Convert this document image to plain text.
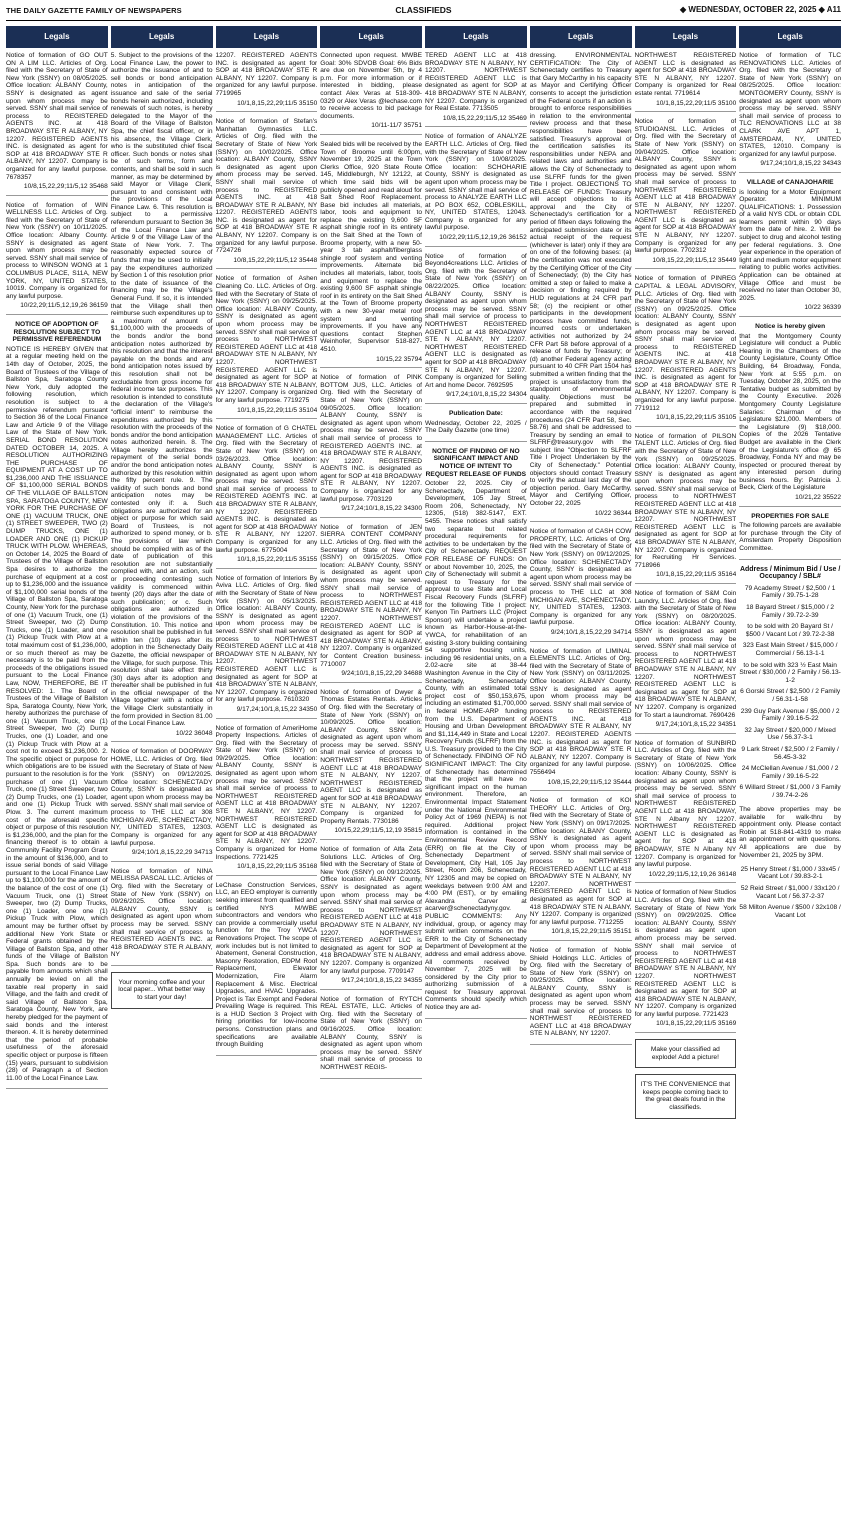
THE DAILY GAZETTE FAMILY OF NEWSPAPERS	CLASSIFIEDS	◆ WEDNESDAY, OCTOBER 22, 2025 ◆ A11
Legals

Notice of formation of GO OUT ON A LIM LLC. Articles of Org. filed with the Secretary of State of New York (SSNY) on 08/05/2025. Office location: ALBANY County, SSNY is designated as agent upon whom process may be served. SSNY shall mail service of process to REGISTERED AGENTS INC. at 418 BROADWAY STE R ALBANY, NY 12207. REGISTERED AGENTS INC. is designated as agent for SOP at 418 BROADWAY STE R ALBANY, NY 12207. Company is organized for any lawful purpose. 7678357

10/8,15,22,29;11/5,12 35468

Notice of formation of WIN WELLNESS LLC. Articles of Org. filed with the Secretary of State of New York (SSNY) on 10/11/2025. Office location: Albany County. SSNY is designated as agent upon whom process may be served. SSNY shall mail service of process to WINSON WONG at 1 COLUMBUS PLACE, S11A, NEW YORK, NY, UNITED STATES, 10019. Company is organized for any lawful purpose.

10/22,29;11/5,12,19,26 36159
NOTICE OF ADOPTION OF RESOLUTION SUBJECT TO PERMISSIVE REFERENDUM

NOTICE IS HEREBY GIVEN that at a regular meeting held on the 14th day of October, 2025, the Board of Trustees of the Village of Ballston Spa, Saratoga County New York, duly adopted the following resolution, which resolution is subject to a permissive referendum pursuant to Section 36 of the Local Finance Law and Article 9 of the Village Law of the State of New York. SERIAL BOND RESOLUTION DATED OCTOBER 14, 2025. A RESOLUTION AUTHORIZING THE PURCHASE OF EQUIPMENT AT A COST UP TO $1,236,000 AND THE ISSUANCE OF $1,100,000 SERIAL BONDS OF THE VILLAGE OF BALLSTON SPA, SARATOGA COUNTY, NEW YORK FOR THE PURCHASE OF ONE (1) VACUUM TRUCK, ONE (1) STREET SWEEPER, TWO (2) DUMP TRUCKS, ONE (1) LOADER AND ONE (1) PICKUP TRUCK WITH PLOW. WHEREAS, on October 14, 2025 the Board of Trustees of the Village of Ballston Spa desires to authorize the purchase of equipment at a cost up to $1,236,000 and the issuance of $1,100,000 serial bonds of the Village of Ballston Spa, Saratoga County, New York for the purchase of one (1) Vacuum Truck, one (1) Street Sweeper, two (2) Dump Trucks, one (1) Loader, and one (1) Pickup Truck with Plow at a total maximum cost of $1,236,000, or so much thereof as may be necessary is to be paid from the proceeds of the obligations issued pursuant to the Local Finance Law, NOW, THEREFORE, BE IT RESOLVED: 1. The Board of Trustees of the Village of Ballston Spa, Saratoga County, New York, hereby authorizes the purchase of one (1) Vacuum Truck, one (1) Street Sweeper, two (2) Dump Trucks, one (1) Loader, and one (1) Pickup Truck with Plow at a cost not to exceed $1,236,000. 2. The specific object or purpose for which obligations are to be issued pursuant to the resolution is for the purchase of one (1) Vacuum Truck, one (1) Street Sweeper, two (2) Dump Trucks, one (1) Loader, and one (1) Pickup Truck with Plow. 3. The current maximum cost of the aforesaid specific object or purpose of this resolution is $1,236,000, and the plan for the financing thereof is to obtain a Community Facility Program Grant in the amount of $136,000, and to issue serial bonds of said Village pursuant to the Local Finance Law up to $1,100,000 for the amount of the balance of the cost of one (1) Vacuum Truck, one (1) Street Sweeper, two (2) Dump Trucks, one (1) Loader, one one (1) Pickup Truck with Plow, which amount may be further offset by additional New York State or Federal grants obtained by the Village of Ballston Spa, and other funds of the Village of Ballston Spa. Such bonds are to be payable from amounts which shall annually be levied on all the taxable real property in said Village, and the faith and credit of said Village of Ballston Spa, Saratoga County, New York, are hereby pledged for the payment of said bonds and the interest thereon. 4. It is hereby determined that the period of probable usefulness of the aforesaid specific object or purpose is fifteen (15) years, pursuant to subdivision (28) of Paragraph a of Section 11.00 of the Local Finance Law.

Legals

5. Subject to the provisions of the Local Finance Law, the power to authorize the issuance of and to sell bonds or bond anticipation notes in anticipation of the issuance and sale of the serial bonds herein authorized, including renewals of such notes, is hereby delegated to the Mayor of the Board of the Village of Ballston Spa, the chief fiscal officer, or in his absence, the Village Clerk, who is the substituted chief fiscal officer. Such bonds or notes shall be of such terms, form and contents, and shall be sold in such manner, as may be determined by said Mayor or Village Clerk, pursuant to and consistent with the provisions of the Local Finance Law. 6. This resolution is subject to a permissive referendum pursuant to Section 36 of the Local Finance Law and Article 9 of the Village Law of the State of New York. 7. The reasonably expected source of funds that may be used to initially pay the expenditures authorized by Section 1 of this resolution prior to the date of issuance of the financing may be the Village's General Fund. If so, it is intended that the Village shall then reimburse such expenditures up to a maximum of amount of $1,100,000 with the proceeds of the bonds and/or the bond anticipation notes authorized by this resolution and that the interest payable on the bonds and any bond anticipation notes issued by this resolution shall not be excludable from gross income for federal income tax purposes. This resolution is intended to constitute the declaration of the Village's "official intent" to reimburse the expenditures authorized by this resolution with the proceeds of the bonds and/or the bond anticipation notes authorized herein. 8. The Village hereby authorizes the repayment of the serial bonds and/or the bond anticipation notes authorized by this resolution within the fifty percent rule. 9. The validity of such bonds and bond anticipation notes may be contested only if: a. Such obligations are authorized for an object or purpose for which said Board of Trustees, is not authorized to spend money, or b. The provisions of law which should be complied with as of the date of publication of this resolution are not substantially complied with, and an action, suit or proceeding contesting such validity is commenced within twenty (20) days after the date of such publication; or c. Such obligations are authorized in violation of the provisions of the Constitution. 10. This notice and resolution shall be published in full within ten (10) days after its adoption in the Schenectady Daily Gazette, the official newspaper of the Village, for such purpose. This resolution shall take effect thirty (30) days after its adoption and thereafter shall be published in full in the official newspaper of the Village together with a notice of the Village Clerk substantially in the form provided in Section 81.00 of the Local Finance Law.

10/22 36048

Notice of formation of DOORWAY HOME, LLC. Articles of Org. filed with the Secretary of State of New York (SSNY) on 09/12/2025. Office location: SCHENECTADY County, SSNY is designated as agent upon whom process may be served. SSNY shall mail service of process to THE LLC at 308 MICHIGAN AVE, SCHENECTADY, NY, UNITED STATES, 12303. Company is organized for any lawful purpose.

9/24;10/1,8,15,22,29 34713

Notice of formation of NINA MELISSA PASCAL LLC. Articles of Org. filed with the Secretary of State of New York (SSNY) on 09/26/2025. Office location: ALBANY County, SSNY is designated as agent upon whom process may be served. SSNY shall mail service of process to REGISTERED AGENTS INC. at 418 BROADWAY STE R ALBANY, NY

Your morning coffee and your local paper... What better way to start your day!
Legals

12207. REGISTERED AGENTS INC. is designated as agent for SOP at 418 BROADWAY STE R ALBANY, NY 12207. Company is organized for any lawful purpose. 7719965

10/1,8,15,22,29;11/5 35150

Notice of formation of Stefan's Manhattan Gymnastics LLC. Articles of Org. filed with the Secretary of State of New York (SSNY) on 10/02/2025. Office location: ALBANY County, SSNY is designated as agent upon whom process may be served. SSNY shall mail service of process to REGISTERED AGENTS INC. at 418 BROADWAY STE R ALBANY, NY 12207. REGISTERED AGENTS INC. is designated as agent for SOP at 418 BROADWAY STE R ALBANY, NY 12207. Company is organized for any lawful purpose. 7724726

10/8,15,22,29;11/5,12 35448

Notice of formation of Ashen Cleaning Co. LLC. Articles of Org. filed with the Secretary of State of New York (SSNY) on 09/25/2025. Office location: ALBANY County, SSNY is designated as agent upon whom process may be served. SSNY shall mail service of process to NORTHWEST REGISTERED AGENT LLC at 418 BROADWAY STE N ALBANY, NY 12207. NORTHWEST REGISTERED AGENT LLC is designated as agent for SOP at 418 BROADWAY STE N ALBANY, NY 12207. Company is organized for any lawful purpose. 7719275

10/1,8,15,22,29;11/5 35104

Notice of formation of G CHATEL MANAGEMENT LLC. Articles of Org. filed with the Secretary of State of New York (SSNY) on 03/26/2023. Office location: ALBANY County, SSNY is designated as agent upon whom process may be served. SSNY shall mail service of process to REGISTERED AGENTS INC. at 418 BROADWAY STE R ALBANY, NY 12207. REGISTERED AGENTS INC. is designated as agent for SOP at 418 BROADWAY STE R ALBANY, NY 12207. Company is organized for any lawful purpose. 6775004

10/1,8,15,22,29;11/5 35155

Notice of formation of Interiors By Aviva LLC. Articles of Org. filed with the Secretary of State of New York (SSNY) on 05/13/2025. Office location: ALBANY County, SSNY is designated as agent upon whom process may be served. SSNY shall mail service of process to NORTHWEST REGISTERED AGENT LLC at 418 BROADWAY STE N ALBANY, NY 12207. NORTHWEST REGISTERED AGENT LLC is designated as agent for SOP at 418 BROADWAY STE N ALBANY, NY 12207. Company is organized for any lawful purpose. 7610320

9/17,24;10/1,8,15,22 34350

Notice of formation of AmeriHome Property Inspections. Articles of Org. filed with the Secretary of State of New York (SSNY) on 09/29/2025. Office location: ALBANY County, SSNY is designated as agent upon whom process may be served. SSNY shall mail service of process to NORTHWEST REGISTERED AGENT LLC at 418 BROADWAY STE N ALBANY, NY 12207. NORTHWEST REGISTERED AGENT LLC is designated as agent for SOP at 418 BROADWAY STE N ALBANY, NY 12207. Company is organized for Home Inspections. 7721425

10/1,8,15,22,29;11/5 35168

LeChase Construction Services, LLC, an EEO employer is currently seeking interest from qualified and certified NYS M/WBE subcontractors and vendors who can provide a commercially useful function for the Troy YWCA Renovations Project. The scope of work includes but is not limited to Abatement, General Construction, Masonry Restoration, EDPM Roof Replacement, Elevator Modernization, Fire Alarm Replacement & Misc. Electrical Upgrades, and HVAC Upgrades. Project is Tax Exempt and Federal Prevailing Wage is required. This is a HUD Section 3 Project with hiring priorities for low-income persons. Construction plans and specifications are available through Building

Legals

Connected upon request. MWBE Goal: 30% SDVOB Goal: 6% Bids are due on November 5th, by 4 p.m. For more information or if interested in bidding, please contact Alex Veras at 518-309-0329 or Alex Veras @lechase.com to receive access to bid package documents.

10/11-11/7 35751

Sealed bids will be received by the Town of Broome until 6:00pm, November 19, 2025 at the Town Clerks Office, 920 State Route 145, Middleburgh, NY 12122, at which time said bids will be publicly opened and read aloud for Salt Shed Roof Replacement. Base bid includes all materials, labor, tools and equipment to replace the existing 9,600 SF asphalt shingle roof in its entirety on the Salt Shed at the Town of Broome property, with a new 50-year 3 tab asphalt/fiberglass shingle roof system and venting improvements. Alternate bid includes all materials, labor, tools and equipment to replace the existing 9,600 SF asphalt shingle roof in its entirety on the Salt Shed at the Town of Broome property with a new 30-year metal roof system and venting improvements. If you have any questions contact Stephen Weinhofer, Supervisor 518-827-4510.

10/15,22 35794

Notice of formation of PINK BOTTOM JUS, LLC. Articles of Org. filed with the Secretary of State of New York (SSNY) on 09/05/2025. Office location: ALBANY County, SSNY is designated as agent upon whom process may be served. SSNY shall mail service of process to REGISTERED AGENTS INC. at 418 BROADWAY STE R ALBANY, NY 12207. REGISTERED AGENTS INC. is designated as agent for SOP at 418 BROADWAY STE R ALBANY, NY 12207. Company is organized for any lawful purpose. 7703129

9/17,24;10/1,8,15,22 34300

Notice of formation of JEN SIERRA CONTENT COMPANY LLC. Articles of Org. filed with the Secretary of State of New York (SSNY) on 09/15/2025. Office location: ALBANY County, SSNY is designated as agent upon whom process may be served. SSNY shall mail service of process to NORTHWEST REGISTERED AGENT LLC at 418 BROADWAY STE N ALBANY, NY 12207. NORTHWEST REGISTERED AGENT LLC is designated as agent for SOP at 418 BROADWAY STE N ALBANY, NY 12207. Company is organized for Content Creation business. 7710007

9/24;10/1,8,15,22,29 34688

Notice of formation of Dwyer & Thomas Estates Rentals. Articles of Org. filed with the Secretary of State of New York (SSNY) on 10/09/2025. Office location: ALBANY County, SSNY is designated as agent upon whom process may be served. SSNY shall mail service of process to NORTHWEST REGISTERED AGENT LLC at 418 BROADWAY STE N ALBANY, NY 12207. NORTHWEST REGISTERED AGENT LLC is designated as agent for SOP at 418 BROADWAY STE N ALBANY, NY 12207. Company is organized for Property Rentals. 7730186

10/15,22,29;11/5,12,19 35815

Notice of formation of Alfa Zeta Solutions LLC. Articles of Org. filed with the Secretary of State of New York (SSNY) on 09/12/2025. Office location: ALBANY County, SSNY is designated as agent upon whom process may be served. SSNY shall mail service of process to NORTHWEST REGISTERED AGENT LLC at 418 BROADWAY STE N ALBANY, NY 12207. NORTHWEST REGISTERED AGENT LLC is designated as agent for SOP at 418 BROADWAY STE N ALBANY, NY 12207. Company is organized for any lawful purpose. 7709147

9/17,24;10/1,8,15,22 34355

Notice of formation of RYTCH REAL ESTATE, LLC. Articles of Org. filed with the Secretary of State of New York (SSNY) on 09/16/2025. Office location: ALBANY County, SSNY is designated as agent upon whom process may be served. SSNY shall mail service of process to NORTHWEST REGIS-

Legals

TERED AGENT LLC at 418 BROADWAY STE N ALBANY, NY 12207. NORTHWEST REGISTERED AGENT LLC is designated as agent for SOP at 418 BROADWAY STE N ALBANY, NY 12207. Company is organized for Real Estate. 7713505

10/8,15,22,29;11/5,12 35469

Notice of formation of ANALYZE EARTH LLC. Articles of Org. filed with the Secretary of State of New York (SSNY) on 10/08/2025. Office location: SCHOHARIE County, SSNY is designated as agent upon whom process may be served. SSNY shall mail service of process to ANALYZE EARTH LLC at PO BOX 652, COBLESKILL, NY, UNITED STATES, 12043. Company is organized for any lawful purpose.

10/22,29;11/5,12,19,26 36152

Notice of formation of Beyond4creations LLC. Articles of Org. filed with the Secretary of State of New York (SSNY) on 08/22/2025. Office location: ALBANY County, SSNY is designated as agent upon whom process may be served. SSNY shall mail service of process to NORTHWEST REGISTERED AGENT LLC at 418 BROADWAY STE N ALBANY, NY 12207. NORTHWEST REGISTERED AGENT LLC is designated as agent for SOP at 418 BROADWAY STE N ALBANY, NY 12207. Company is organized for Selling Art and home Decor. 7692595

9/17,24;10/1,8,15,22 34304
Publication Date:

Wednesday, October 22, 2025 / The Daily Gazette (one time)

NOTICE OF FINDING OF NO SIGNIFICANT IMPACT AND NOTICE OF INTENT TO REQUEST RELEASE OF FUNDS

October 22, 2025. City of Schenectady, Department of Development, 105 Jay Street, Room 206, Schenectady, NY 12305, (518) 382-5147, EXT. 5455. These notices shall satisfy two separate but related procedural requirements for activities to be undertaken by the City of Schenectady. REQUEST FOR RELEASE OF FUNDS: On or about November 10, 2025, the City of Schenectady will submit a request to Treasury for the approval to use State and Local Fiscal Recovery Funds (SLFRF) for the following Title I project: Kenyon Tin Partners LLC (Project Sponsor) will undertake a project known as Harbor-House-at-the-YWCA, for rehabilitation of an existing 3-story building containing 54 supportive housing units, including 96 residential units, on a 2.02-acre site at 38-44 Washington Avenue in the City of Schenectady, Schenectady County, with an estimated total project cost of $50,153,675, including an estimated $1,700,000 in federal HOME-ARP funding from the U.S. Department of Housing and Urban Development and $1,114,449 in State and Local Recovery Funds (SLFRF) from the U.S. Treasury provided to the City of Schenectady. FINDING OF NO SIGNIFICANT IMPACT: The City of Schenectady has determined that the project will have no significant impact on the human environment. Therefore, an Environmental Impact Statement under the National Environmental Policy Act of 1969 (NEPA) is not required. Additional project information is contained in the Environmental Review Record (ERR) on file at the City of Schenectady Department of Development, City Hall, 105 Jay Street, Room 206, Schenectady, NY 12305 and may be copied on weekdays between 9:00 AM and 4:00 PM (EST), or by emailing Alexandra Carver at acarver@schenectadyny.gov. PUBLIC COMMENTS: Any individual, group, or agency may submit written comments on the ERR to the City of Schenectady Department of Development at the address and email address above. All comments received by November 7, 2025 will be considered by the City prior to authorizing submission of a request for Treasury approval. Comments should specify which Notice they are ad-

Legals

dressing. ENVIRONMENTAL CERTIFICATION: The City of Schenectady certifies to Treasury that Gary McCarthy in his capacity as Mayor and Certifying Officer consents to accept the jurisdiction of the Federal courts if an action is brought to enforce responsibilities in relation to the environmental review process and that these responsibilities have been satisfied. Treasury's approval of the certification satisfies its responsibilities under NEPA and related laws and authorities and allows the City of Schenectady to use SLFRF funds for the given Title I project. OBJECTIONS TO RELEASE OF FUNDS: Treasury will accept objections to its approval and the City of Schenectady's certification for a period of fifteen days following the anticipated submission date or its actual receipt of the request (whichever is later) only if they are on one of the following bases: (a) the certification was not executed by the Certifying Officer of the City of Schenectady; (b) the City has omitted a step or failed to make a decision or finding required by HUD regulations at 24 CFR part 58; (c) the recipient or other participants in the development process have committed funds, incurred costs or undertaken activities not authorized by 24 CFR Part 58 before approval of a release of funds by Treasury; or (d) another Federal agency acting pursuant to 40 CFR Part 1504 has submitted a written finding that the project is unsatisfactory from the standpoint of environmental quality. Objections must be prepared and submitted in accordance with the required procedures (24 CFR Part 58, Sec. 58.76) and shall be addressed to Treasury by sending an email to SLFRF@treasury.gov with the subject line "Objection to SLFRF Title I Project Undertaken by the City of Schenectady." Potential objectors should contact Treasury to verify the actual last day of the objection period. Gary McCarthy, Mayor and Certifying Officer, October 22, 2025

10/22 36344

Notice of formation of CASH COW PROPERTY, LLC. Articles of Org. filed with the Secretary of State of New York (SSNY) on 09/12/2025. Office location: SCHENECTADY County, SSNY is designated as agent upon whom process may be served. SSNY shall mail service of process to THE LLC at 308 MICHIGAN AVE, SCHENECTADY, NY, UNITED STATES, 12303. Company is organized for any lawful purpose.

9/24;10/1,8,15,22,29 34714

Notice of formation of LIMINAL ELEMENTS LLC. Articles of Org. filed with the Secretary of State of New York (SSNY) on 03/11/2025. Office location: ALBANY County, SSNY is designated as agent upon whom process may be served. SSNY shall mail service of process to REGISTERED AGENTS INC. at 418 BROADWAY STE R ALBANY, NY 12207. REGISTERED AGENTS INC. is designated as agent for SOP at 418 BROADWAY STE R ALBANY, NY 12207. Company is organized for any lawful purpose. 7556494

10/8,15,22,29;11/5,12 35444

Notice of formation of KOI THEORY LLC. Articles of Org. filed with the Secretary of State of New York (SSNY) on 09/17/2025. Office location: ALBANY County, SSNY is designated as agent upon whom process may be served. SSNY shall mail service of process to NORTHWEST REGISTERED AGENT LLC at 418 BROADWAY STE N ALBANY, NY 12207. NORTHWEST REGISTERED AGENT LLC is designated as agent for SOP at 418 BROADWAY STE N ALBANY, NY 12207. Company is organized for any lawful purpose. 7712255

10/1,8,15,22,29;11/5 35151

Notice of formation of Noble Shield Holdings LLC. Articles of Org. filed with the Secretary of State of New York (SSNY) on 09/25/2025. Office location: ALBANY County, SSNY is designated as agent upon whom process may be served. SSNY shall mail service of process to NORTHWEST REGISTERED AGENT LLC at 418 BROADWAY STE N ALBANY, NY 12207.

Legals

NORTHWEST REGISTERED AGENT LLC is designated as agent for SOP at 418 BROADWAY STE N ALBANY, NY 12207. Company is organized for Real estate rental. 7719614

10/1,8,15,22,29;11/5 35100

Notice of formation of STUDIOANSL LLC. Articles of Org. filed with the Secretary of State of New York (SSNY) on 09/04/2025. Office location: ALBANY County, SSNY is designated as agent upon whom process may be served. SSNY shall mail service of process to NORTHWEST REGISTERED AGENT LLC at 418 BROADWAY STE N ALBANY, NY 12207. NORTHWEST REGISTERED AGENT LLC is designated as agent for SOP at 418 BROADWAY STE N ALBANY, NY 12207. Company is organized for any lawful purpose. 7702312

10/8,15,22,29;11/5,12 35449

Notice of formation of PINREG CAPITAL & LEGAL ADVISORY, PLLC. Articles of Org. filed with the Secretary of State of New York (SSNY) on 09/25/2025. Office location: ALBANY County, SSNY is designated as agent upon whom process may be served. SSNY shall mail service of process to REGISTERED AGENTS INC. at 418 BROADWAY STE R ALBANY, NY 12207. REGISTERED AGENTS INC. is designated as agent for SOP at 418 BROADWAY STE R ALBANY, NY 12207. Company is organized for any lawful purpose. 7719112

10/1,8,15,22,29;11/5 35105

Notice of formation of PILSON TALENT LLC. Articles of Org. filed with the Secretary of State of New York (SSNY) on 09/25/2025. Office location: ALBANY County, SSNY is designated as agent upon whom process may be served. SSNY shall mail service of process to NORTHWEST REGISTERED AGENT LLC at 418 BROADWAY STE N ALBANY, NY 12207. NORTHWEST REGISTERED AGENT LLC is designated as agent for SOP at 418 BROADWAY STE N ALBANY, NY 12207. Company is organized for Recruiting Hr Services. 7718966

10/1,8,15,22,29;11/5 35164

Notice of formation of S&M Coin Laundry, LLC. Articles of Org. filed with the Secretary of State of New York (SSNY) on 08/20/2025. Office location: ALBANY County, SSNY is designated as agent upon whom process may be served. SSNY shall mail service of process to NORTHWEST REGISTERED AGENT LLC at 418 BROADWAY STE N ALBANY, NY 12207. NORTHWEST REGISTERED AGENT LLC is designated as agent for SOP at 418 BROADWAY STE N ALBANY, NY 12207. Company is organized for To start a laundromat. 7690426

9/17,24;10/1,8,15,22 34351

Notice of formation of SUNBIRD LLC. Articles of Org. filed with the Secretary of State of New York (SSNY) on 10/06/2025. Office location: Albany County, SSNY is designated as agent upon whom process may be served. SSNY shall mail service of process to NORTHWEST REGISTERED AGENT LLC at 418 BROADWAY, STE N Albany NY 12207. NORTHWEST REGISTERED AGENT LLC is designated as agent for SOP at 418 BROADWAY, STE N Albany NY 12207. Company is organized for any lawful purpose.

10/22,29;11/5,12,19,26 36148

Notice of formation of New Studios LLC. Articles of Org. filed with the Secretary of State of New York (SSNY) on 09/29/2025. Office location: ALBANY County, SSNY is designated as agent upon whom process may be served. SSNY shall mail service of process to NORTHWEST REGISTERED AGENT LLC at 418 BROADWAY STE N ALBANY, NY 12207. NORTHWEST REGISTERED AGENT LLC is designated as agent for SOP at 418 BROADWAY STE N ALBANY, NY 12207. Company is organized for any lawful purpose. 7721423

10/1,8,15,22,29;11/5 35169
Make your classified ad explode! Add a picture!
IT'S THE CONVENIENCE that keeps people coming back to the great deals found in the classifieds.
Legals

Notice of formation of TLC RENOVATIONS LLC. Articles of Org. filed with the Secretary of State of New York (SSNY) on 08/25/2025. Office location: MONTGOMERY County, SSNY is designated as agent upon whom process may be served. SSNY shall mail service of process to TLC RENOVATIONS LLC at 38 CLARK AVE APT 1, AMSTERDAM, NY, UNITED STATES, 12010. Company is organized for any lawful purpose.

9/17,24;10/1,8,15,22 34343
VILLAGE of CANAJOHARIE

is looking for a Motor Equipment Operator. MINIMUM QUALIFICATIONS: 1. Possession of a valid NYS CDL or obtain CDL learners permit within 90 days from the date of hire. 2. Will be subject to drug and alcohol testing per federal regulations. 3. One year experience in the operation of light and medium motor equipment relating to public works activities. Application can be obtained at Village Office and must be received no later than October 30, 2025.

10/22 36339
Notice is hereby given

that the Montgomery County Legislature will conduct a Public Hearing in the Chambers of the County Legislature, County Office Building, 64 Broadway, Fonda, New York at 5:55 p.m. on Tuesday, October 28, 2025, on the Tentative budget as submitted by the County Executive. 2026 Montgomery County Legislature Salaries: Chairman of the Legislature $21,000. Members of the Legislature (9) $18,000. Copies of the 2026 Tentative Budget are available in the Clerk of the Legislature's office @ 65 Broadway, Fonda NY and may be inspected or procured thereat by any interested person during business hours. By: Patricia J. Beck, Clerk of the Legislature

10/21,22 35522
PROPERTIES FOR SALE

The following parcels are available for purchase through the City of Amsterdam Property Disposition Committee.

Address / Minimum Bid / Use / Occupancy / SBL#
79 Academy Street / $2,500 / 1 Family / 39.75-1-28
18 Bayard Street / $15,000 / 2 Family / 39.72-2-39
to be sold with 20 Bayard St / $500 / Vacant Lot / 39.72-2-38
323 East Main Street / $15,000 / Commercial / 56.13-1-1
to be sold with 323 ½ East Main Street / $30,000 / 2 Family / 56.13-1-2
6 Gorski Street / $2,500 / 2 Family / 56.31-1-58
239 Guy Park Avenue / $5,000 / 2 Family / 39.16-5-22
32 Jay Street / $20,000 / Mixed Use / 56.37-3-1
9 Lark Street / $2,500 / 2 Family / 56.45-3-32
24 McClellan Avenue / $1,000 / 2 Family / 39.16-5-22
6 Willard Street / $1,000 / 3 Family / 39.74-2-26

The above properties may be available for walk-thru by appointment only. Please contact Robin at 518-841-4319 to make an appointment or with questions. All applications are due by November 21, 2025 by 3PM.

25 Henry Street / $1,000 / 33x45 / Vacant Lot / 39.83-2-1
52 Reid Street / $1,000 / 33x120 / Vacant Lot / 56.37-2-37
58 Milton Avenue / $500 / 32x108 / Vacant Lot
